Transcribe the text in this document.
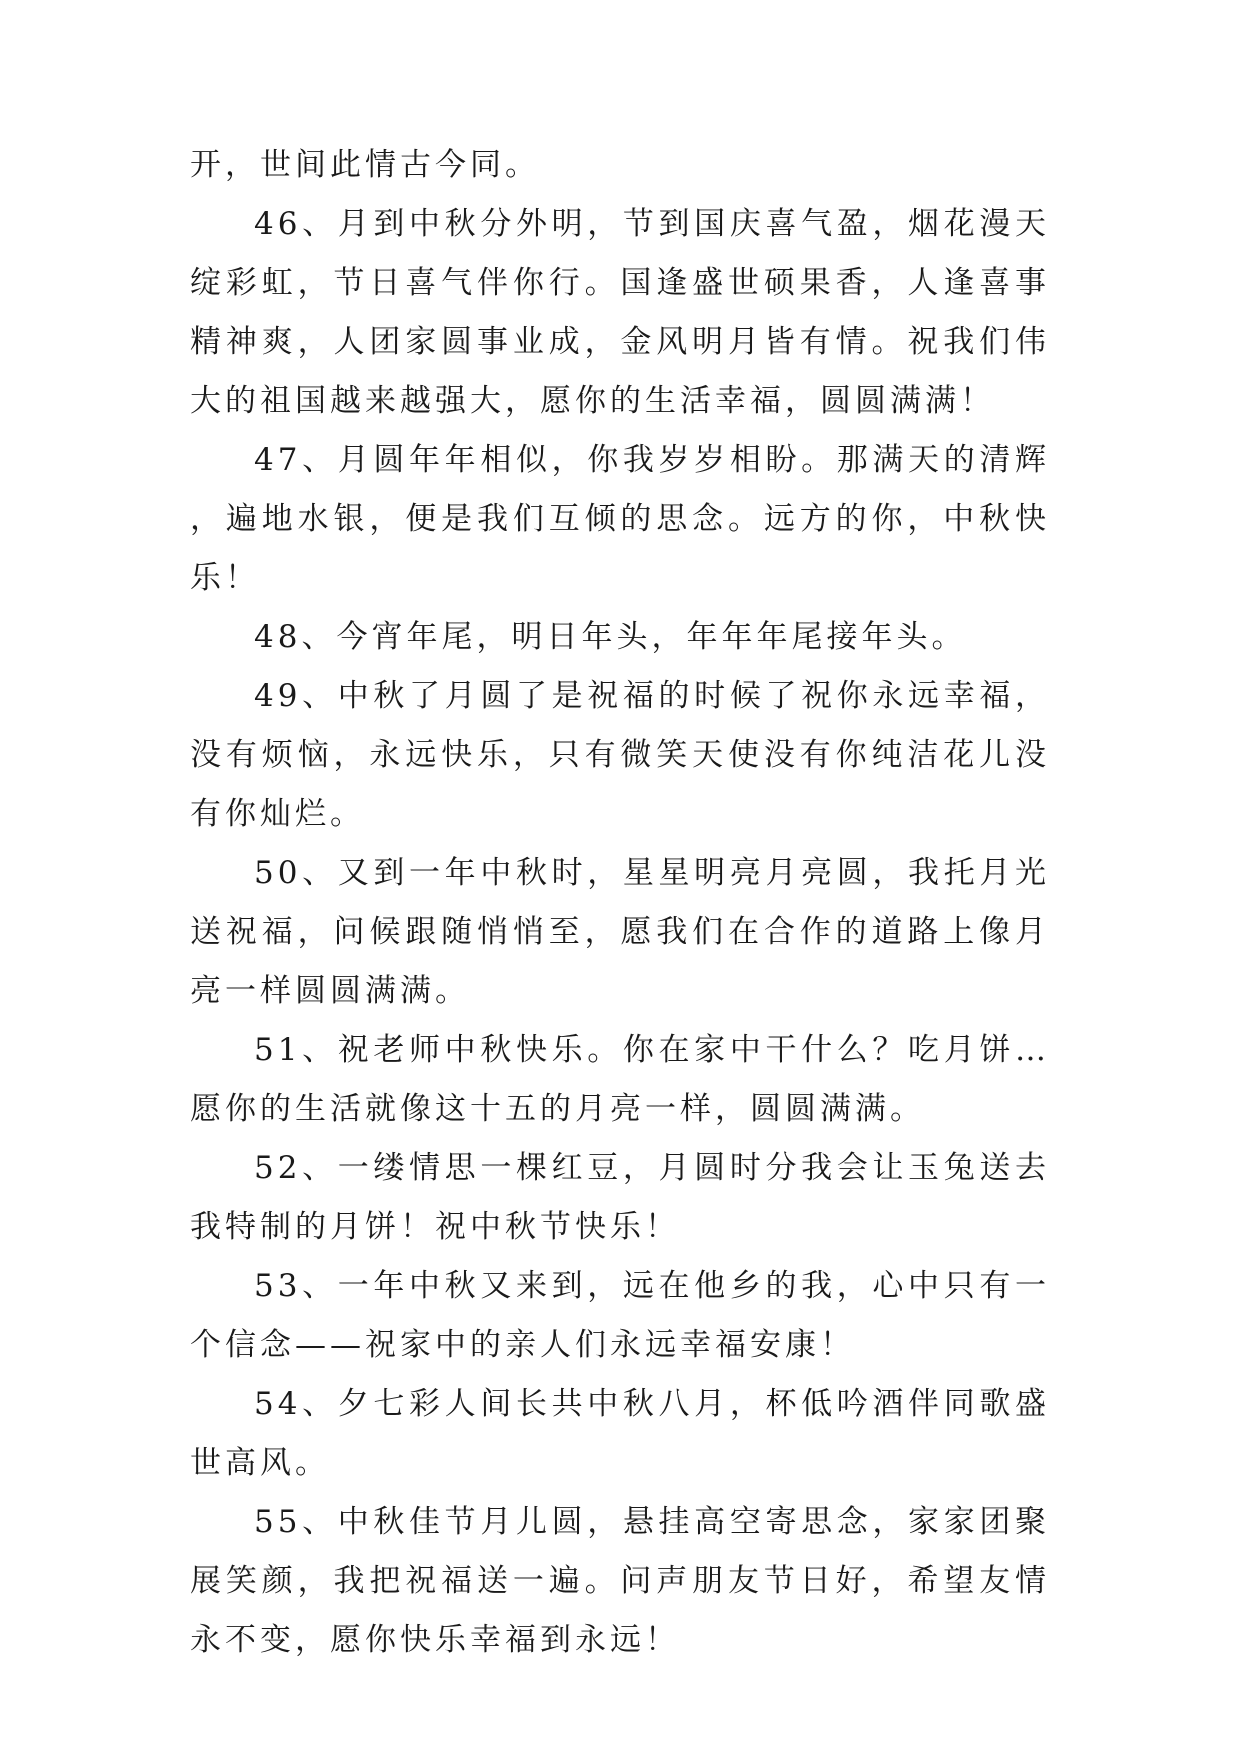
开，世间此情古今同。

46、月到中秋分外明，节到国庆喜气盈，烟花漫天绽彩虹，节日喜气伴你行。国逢盛世硕果香，人逢喜事精神爽，人团家圆事业成，金风明月皆有情。祝我们伟大的祖国越来越强大，愿你的生活幸福，圆圆满满！

47、月圆年年相似，你我岁岁相盼。那满天的清辉，遍地水银，便是我们互倾的思念。远方的你，中秋快乐！

48、今宵年尾，明日年头，年年年尾接年头。

49、中秋了月圆了是祝福的时候了祝你永远幸福，没有烦恼，永远快乐，只有微笑天使没有你纯洁花儿没有你灿烂。

50、又到一年中秋时，星星明亮月亮圆，我托月光送祝福，问候跟随悄悄至，愿我们在合作的道路上像月亮一样圆圆满满。

51、祝老师中秋快乐。你在家中干什么？吃月饼…愿你的生活就像这十五的月亮一样，圆圆满满。

52、一缕情思一棵红豆，月圆时分我会让玉兔送去我特制的月饼！祝中秋节快乐！

53、一年中秋又来到，远在他乡的我，心中只有一个信念——祝家中的亲人们永远幸福安康！

54、夕七彩人间长共中秋八月，杯低吟酒伴同歌盛世高风。

55、中秋佳节月儿圆，悬挂高空寄思念，家家团聚展笑颜，我把祝福送一遍。问声朋友节日好，希望友情永不变，愿你快乐幸福到永远！
